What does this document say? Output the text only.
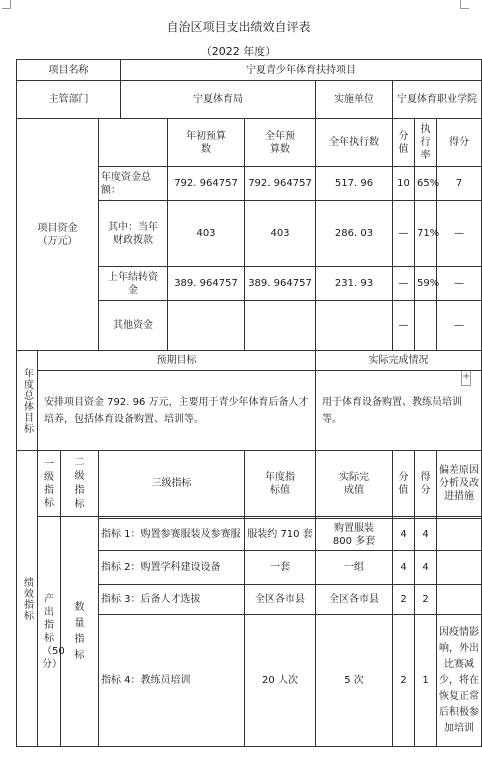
+
自治区项目支出绩效自评表
（2022 年度）
项目名称				宁夏青少年体育扶持项目						
主管部门				宁夏体育局			实施单位	宁夏体育职业学院		
项目资金（万元）					年初预算数	全年预算数	全年执行数	分值	执行率	得分
			年度资金总额：		792. 964757	792. 964757	517. 96	10	65%	7
			其中：当年财政拨款		403	403	286. 03	—	71%	—
			上年结转资金		389. 964757	389. 964757	231. 93	—	59%	—
			其他资金					—		—

年度总体目标	预期目标						实际完成情况			
	安排项目资金 792. 96 万元，主要用于青少年体育后备人才培养，包括体育设备购置、培训等。						用于体育设备购置、教练员培训等。			

绩效指标	一级指标	二级指标	三级指标			年度指标值	实际完成值	分值	得分	偏差原因分析及改进措施
	产出指标（50 分）	数量指标								

			指标 1：购置参赛服装及参赛服			服装约 710 套	购置服装 800 多套	4	4	
			指标 2：购置学科建设设备			一套	一组	4	4	
			指标 3：后备人才选拔			全区各市县	全区各市县	2	2	
			指标 4：教练员培训			20 人次	5 次	2	1	因疫情影响，外出比赛减少，将在恢复正常后积极参加培训
